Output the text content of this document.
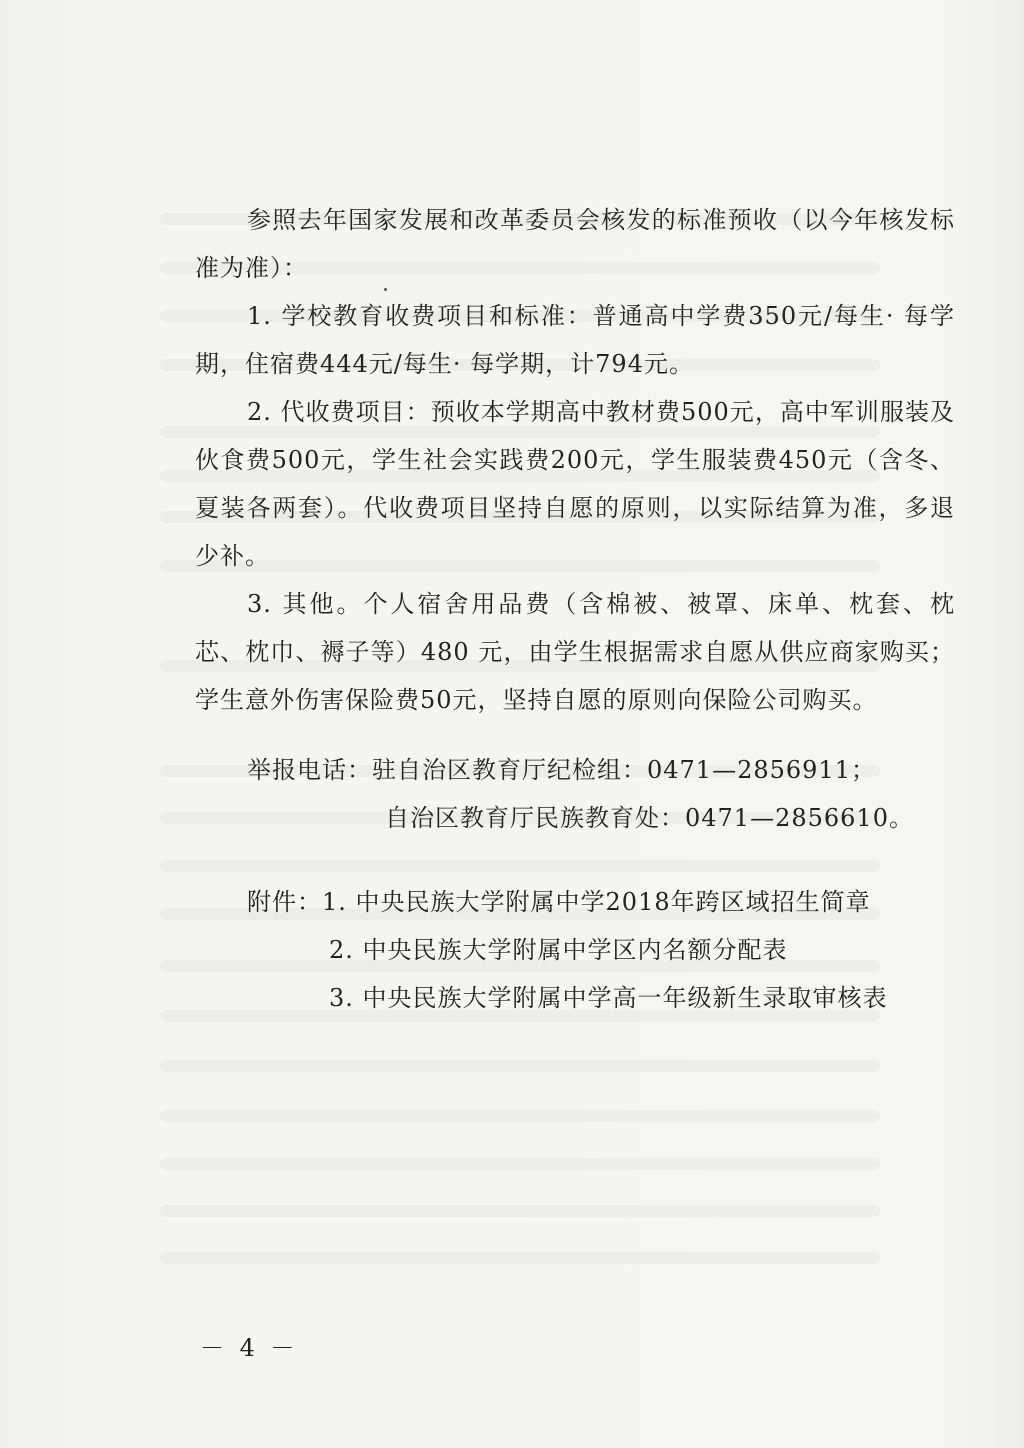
参照去年国家发展和改革委员会核发的标准预收（以今年核发标准为准）：

1. 学校教育收费项目和标准：普通高中学费350元/每生· 每学期，住宿费444元/每生· 每学期，计794元。

2. 代收费项目：预收本学期高中教材费500元，高中军训服装及伙食费500元，学生社会实践费200元，学生服装费450元（含冬、夏装各两套）。代收费项目坚持自愿的原则，以实际结算为准，多退少补。

3. 其他。个人宿舍用品费（含棉被、被罩、床单、枕套、枕芯、枕巾、褥子等）480 元，由学生根据需求自愿从供应商家购买；学生意外伤害保险费50元，坚持自愿的原则向保险公司购买。

举报电话：驻自治区教育厅纪检组：0471—2856911；

自治区教育厅民族教育处：0471—2856610。

附件：1. 中央民族大学附属中学2018年跨区域招生简章

2. 中央民族大学附属中学区内名额分配表

3. 中央民族大学附属中学高一年级新生录取审核表

－ 4 －
